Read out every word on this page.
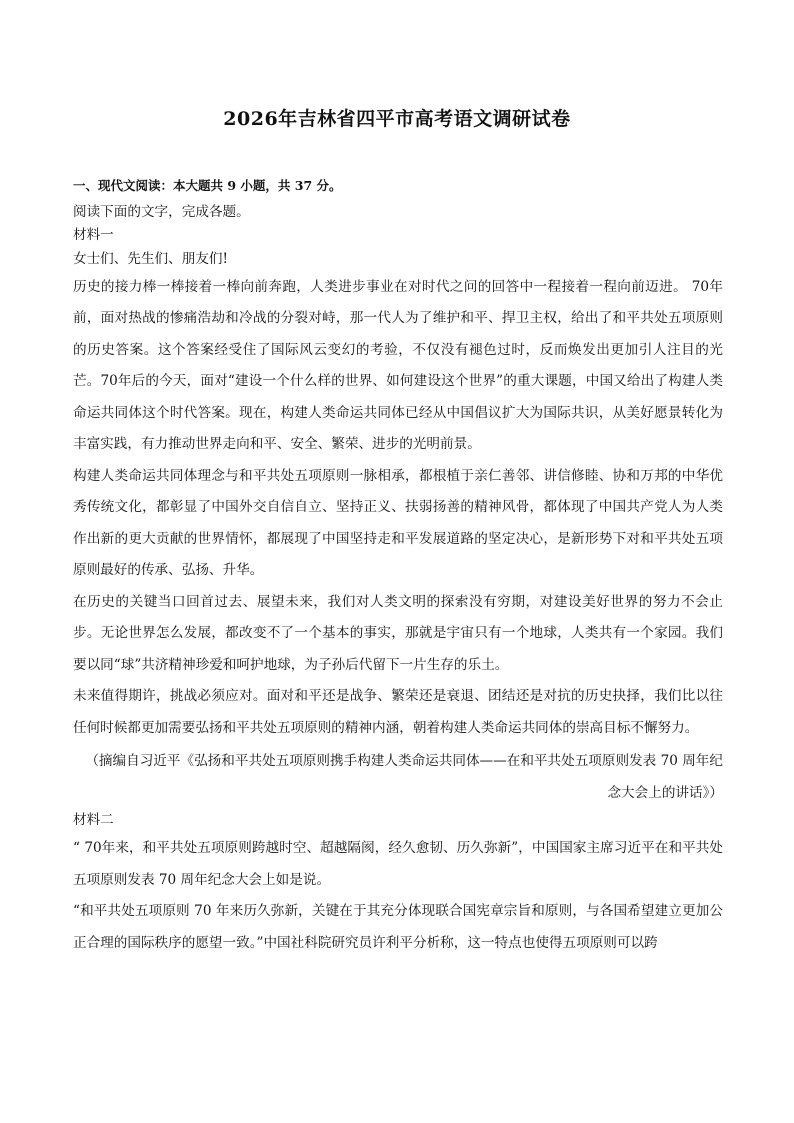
2026年吉林省四平市高考语文调研试卷

一、现代文阅读：本大题共 9 小题，共 37 分。

阅读下面的文字，完成各题。

材料一

女士们、先生们、朋友们!

历史的接力棒一棒接着一棒向前奔跑，人类进步事业在对时代之问的回答中一程接着一程向前迈进。 70年前，面对热战的惨痛浩劫和冷战的分裂对峙，那一代人为了维护和平、捍卫主权，给出了和平共处五项原则的历史答案。这个答案经受住了国际风云变幻的考验，不仅没有褪色过时，反而焕发出更加引人注目的光芒。70年后的今天，面对“建设一个什么样的世界、如何建设这个世界”的重大课题，中国又给出了构建人类命运共同体这个时代答案。现在，构建人类命运共同体已经从中国倡议扩大为国际共识，从美好愿景转化为丰富实践，有力推动世界走向和平、安全、繁荣、进步的光明前景。

构建人类命运共同体理念与和平共处五项原则一脉相承，都根植于亲仁善邻、讲信修睦、协和万邦的中华优秀传统文化，都彰显了中国外交自信自立、坚持正义、扶弱扬善的精神风骨，都体现了中国共产党人为人类作出新的更大贡献的世界情怀，都展现了中国坚持走和平发展道路的坚定决心，是新形势下对和平共处五项原则最好的传承、弘扬、升华。

在历史的关键当口回首过去、展望未来，我们对人类文明的探索没有穷期，对建设美好世界的努力不会止步。无论世界怎么发展，都改变不了一个基本的事实，那就是宇宙只有一个地球，人类共有一个家园。我们要以同“球”共济精神珍爱和呵护地球，为子孙后代留下一片生存的乐土。

未来值得期许，挑战必须应对。面对和平还是战争、繁荣还是衰退、团结还是对抗的历史抉择，我们比以往任何时候都更加需要弘扬和平共处五项原则的精神内涵，朝着构建人类命运共同体的崇高目标不懈努力。

（摘编自习近平《弘扬和平共处五项原则携手构建人类命运共同体——在和平共处五项原则发表 70 周年纪念大会上的讲话》）

材料二

“ 70年来，和平共处五项原则跨越时空、超越隔阂，经久愈韧、历久弥新”，中国国家主席习近平在和平共处五项原则发表 70 周年纪念大会上如是说。

“和平共处五项原则 70 年来历久弥新，关键在于其充分体现联合国宪章宗旨和原则，与各国希望建立更加公正合理的国际秩序的愿望一致。”中国社科院研究员许利平分析称，这一特点也使得五项原则可以跨
